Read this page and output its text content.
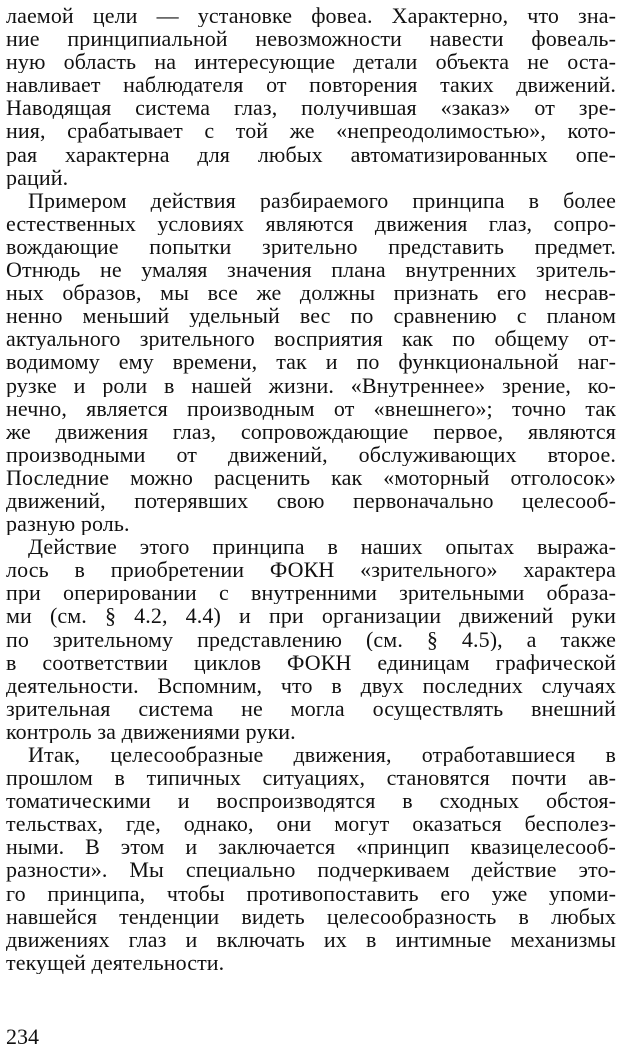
лаемой цели — установке фовеа. Характерно, что зна-
ние принципиальной невозможности навести фовеаль-
ную область на интересующие детали объекта не оста-
навливает наблюдателя от повторения таких движений.
Наводящая система глаз, получившая «заказ» от зре-
ния, срабатывает с той же «непреодолимостью», кото-
рая характерна для любых автоматизированных опе-
раций.
Примером действия разбираемого принципа в более
естественных условиях являются движения глаз, сопро-
вождающие попытки зрительно представить предмет.
Отнюдь не умаляя значения плана внутренних зритель-
ных образов, мы все же должны признать его несрав-
ненно меньший удельный вес по сравнению с планом
актуального зрительного восприятия как по общему от-
водимому ему времени, так и по функциональной наг-
рузке и роли в нашей жизни. «Внутреннее» зрение, ко-
нечно, является производным от «внешнего»; точно так
же движения глаз, сопровождающие первое, являются
производными от движений, обслуживающих второе.
Последние можно расценить как «моторный отголосок»
движений, потерявших свою первоначально целесооб-
разную роль.
Действие этого принципа в наших опытах выража-
лось в приобретении ФОКН «зрительного» характера
при оперировании с внутренними зрительными образа-
ми (см. § 4.2, 4.4) и при организации движений руки
по зрительному представлению (см. § 4.5), а также
в соответствии циклов ФОКН единицам графической
деятельности. Вспомним, что в двух последних случаях
зрительная система не могла осуществлять внешний
контроль за движениями руки.
Итак, целесообразные движения, отработавшиеся в
прошлом в типичных ситуациях, становятся почти ав-
томатическими и воспроизводятся в сходных обстоя-
тельствах, где, однако, они могут оказаться бесполез-
ными. В этом и заключается «принцип квазицелесооб-
разности». Мы специально подчеркиваем действие это-
го принципа, чтобы противопоставить его уже упоми-
навшейся тенденции видеть целесообразность в любых
движениях глаз и включать их в интимные механизмы
текущей деятельности.
234
